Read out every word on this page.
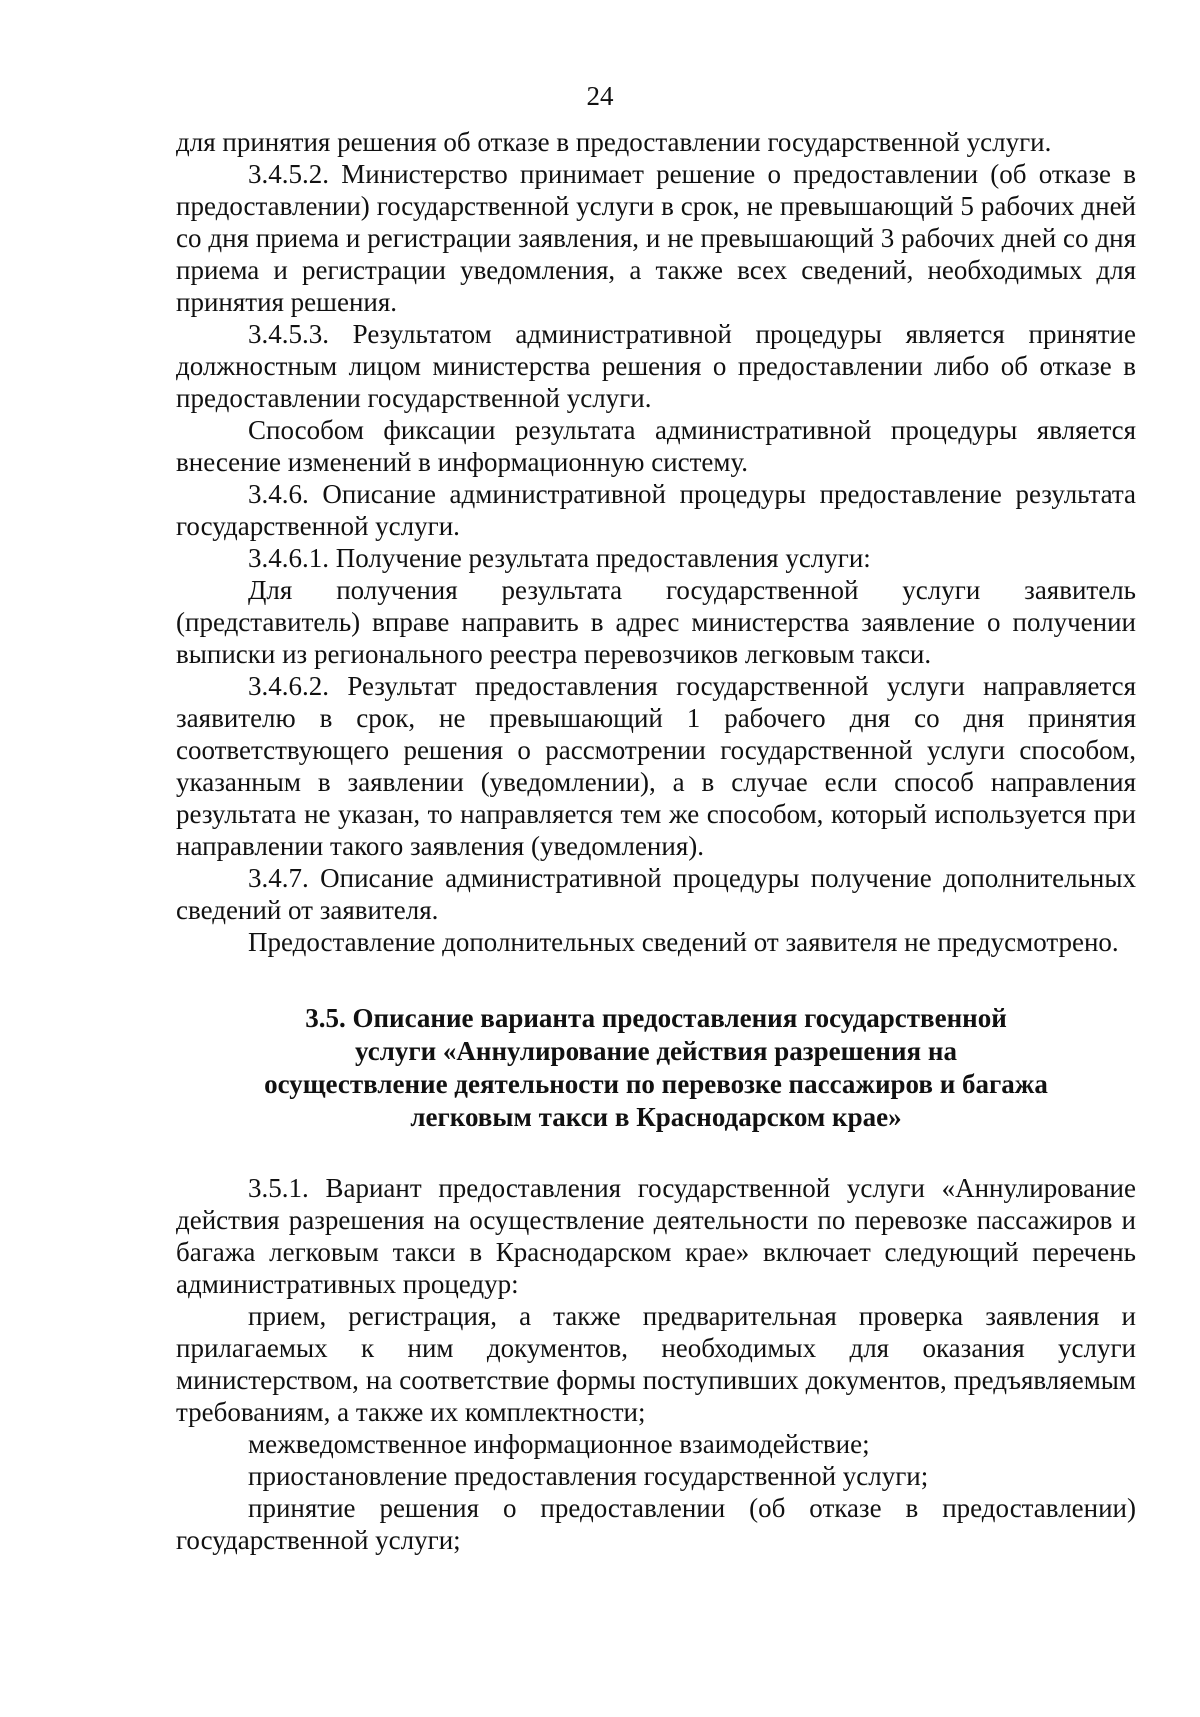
24

для принятия решения об отказе в предоставлении государственной услуги.

3.4.5.2. Министерство принимает решение о предоставлении (об отказе в предоставлении) государственной услуги в срок, не превышающий 5 рабочих дней со дня приема и регистрации заявления, и не превышающий 3 рабочих дней со дня приема и регистрации уведомления, а также всех сведений, необходимых для принятия решения.

3.4.5.3. Результатом административной процедуры является принятие должностным лицом министерства решения о предоставлении либо об отказе в предоставлении государственной услуги.

Способом фиксации результата административной процедуры является внесение изменений в информационную систему.

3.4.6. Описание административной процедуры предоставление результата государственной услуги.

3.4.6.1. Получение результата предоставления услуги:

Для получения результата государственной услуги заявитель (представитель) вправе направить в адрес министерства заявление о получении выписки из регионального реестра перевозчиков легковым такси.

3.4.6.2. Результат предоставления государственной услуги направляется заявителю в срок, не превышающий 1 рабочего дня со дня принятия соответствующего решения о рассмотрении государственной услуги способом, указанным в заявлении (уведомлении), а в случае если способ направления результата не указан, то направляется тем же способом, который используется при направлении такого заявления (уведомления).

3.4.7. Описание административной процедуры получение дополнительных сведений от заявителя.

Предоставление дополнительных сведений от заявителя не предусмотрено.

3.5. Описание варианта предоставления государственной услуги «Аннулирование действия разрешения на осуществление деятельности по перевозке пассажиров и багажа легковым такси в Краснодарском крае»

3.5.1. Вариант предоставления государственной услуги «Аннулирование действия разрешения на осуществление деятельности по перевозке пассажиров и багажа легковым такси в Краснодарском крае» включает следующий перечень административных процедур:

прием, регистрация, а также предварительная проверка заявления и прилагаемых к ним документов, необходимых для оказания услуги министерством, на соответствие формы поступивших документов, предъявляемым требованиям, а также их комплектности;

межведомственное информационное взаимодействие;

приостановление предоставления государственной услуги;

принятие решения о предоставлении (об отказе в предоставлении) государственной услуги;
